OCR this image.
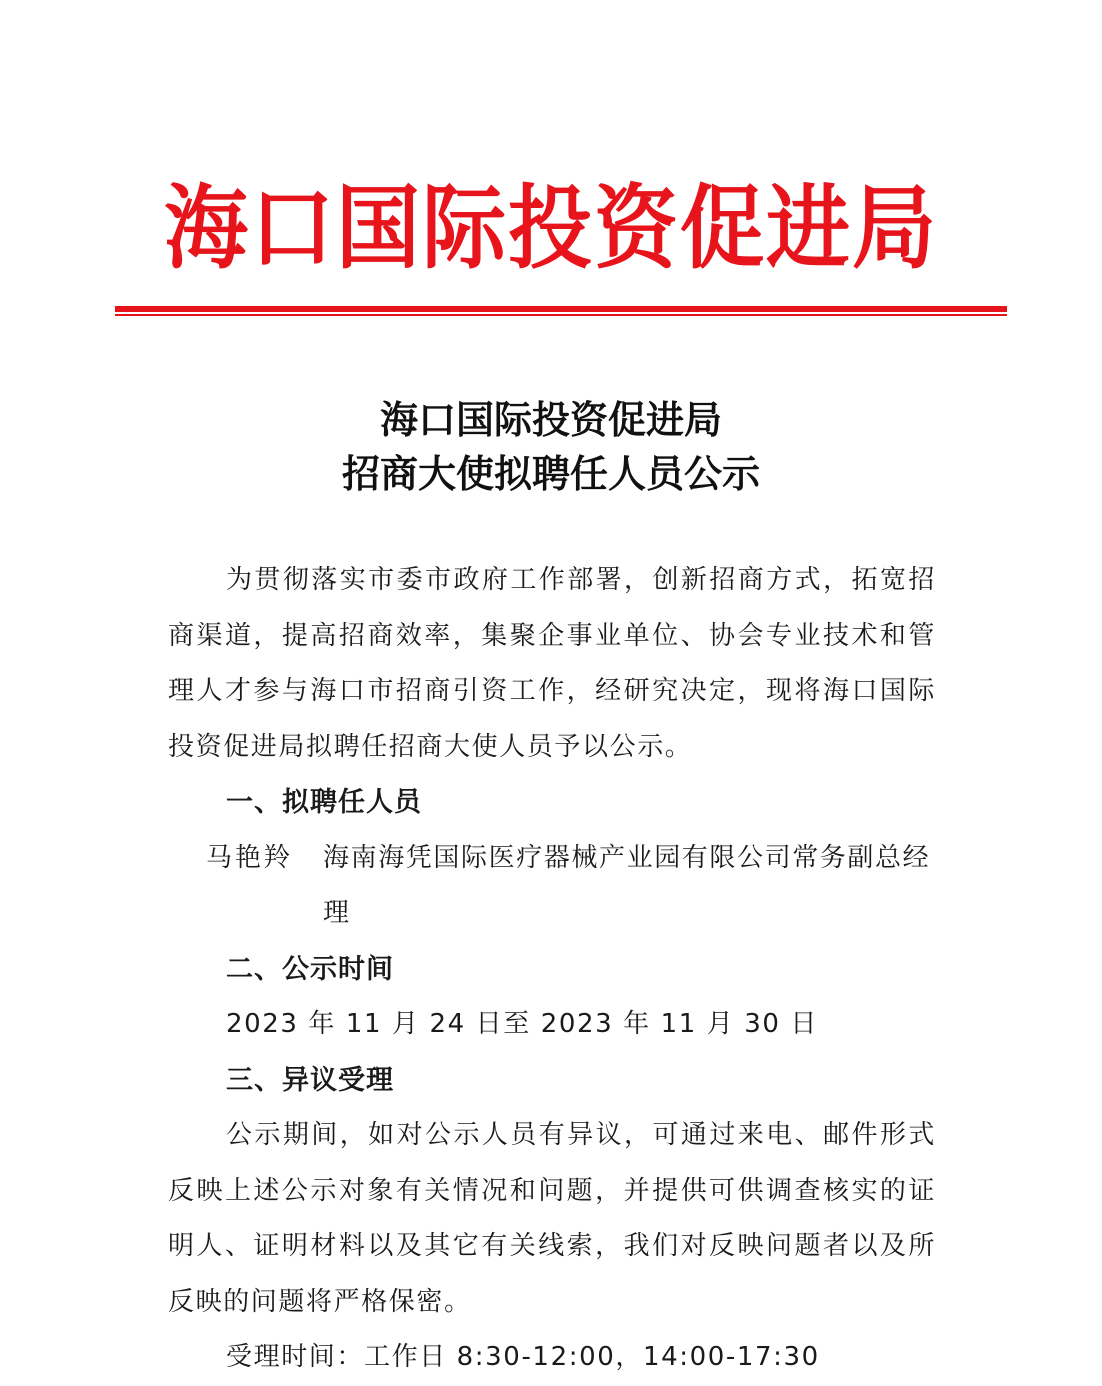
海口国际投资促进局
海口国际投资促进局
招商大使拟聘任人员公示

为贯彻落实市委市政府工作部署，创新招商方式，拓宽招商渠道，提高招商效率，集聚企事业单位、协会专业技术和管理人才参与海口市招商引资工作，经研究决定，现将海口国际投资促进局拟聘任招商大使人员予以公示。

一、拟聘任人员

马艳羚	海南海凭国际医疗器械产业园有限公司常务副总经理

二、公示时间

2023 年 11 月 24 日至 2023 年 11 月 30 日

三、异议受理

公示期间，如对公示人员有异议，可通过来电、邮件形式反映上述公示对象有关情况和问题，并提供可供调查核实的证明人、证明材料以及其它有关线索，我们对反映问题者以及所反映的问题将严格保密。

受理时间：工作日 8:30-12:00，14:00-17:30
